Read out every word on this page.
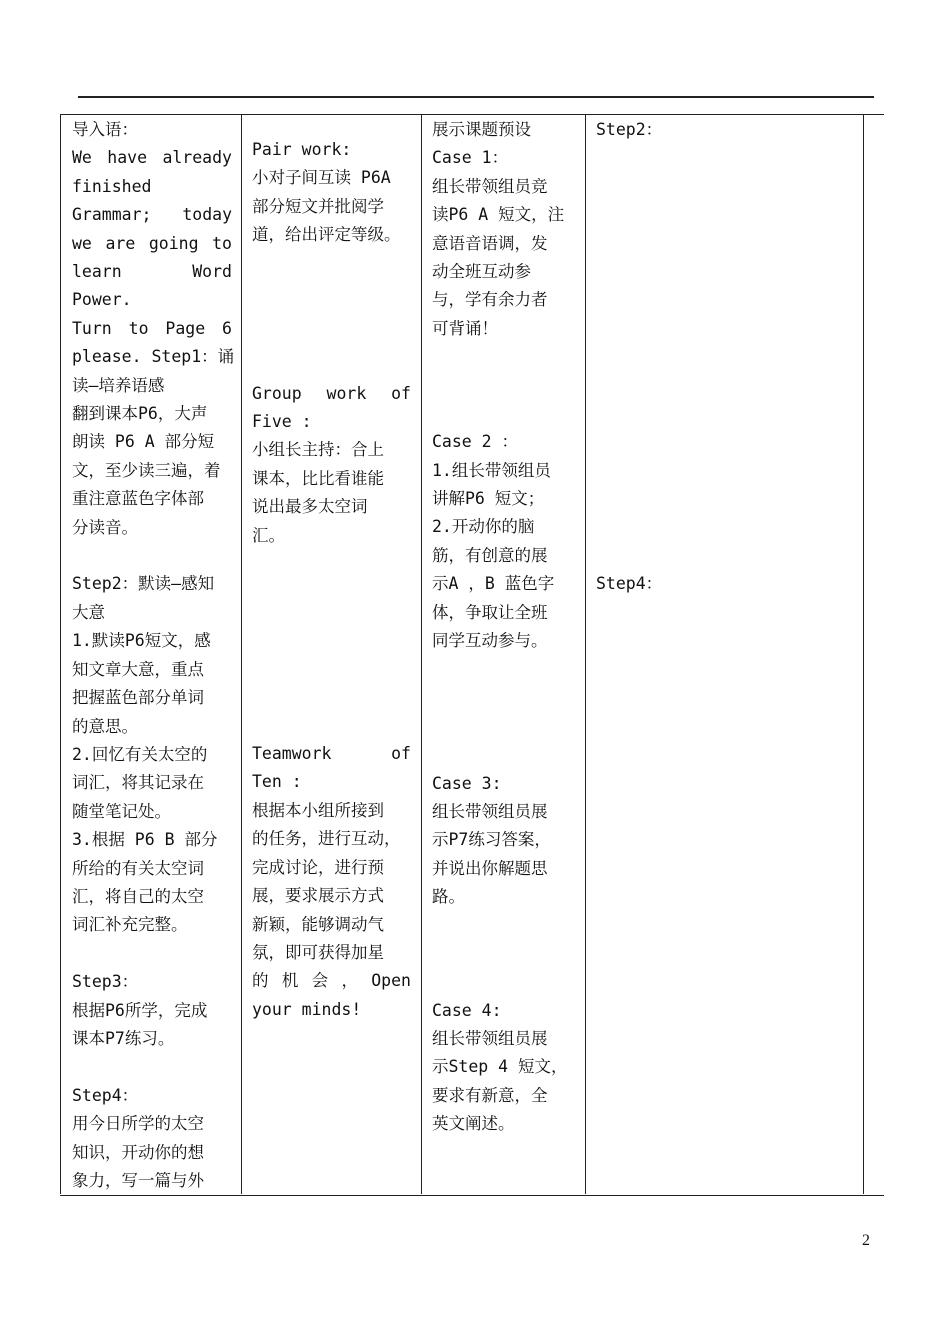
导入语：

We have already

finished

Grammar; today

we are going to

learn	Word

Power.

Turn to Page 6

please. Step1：诵

读—培养语感

翻到课本P6，大声

朗读 P6 A 部分短

文，至少读三遍，着

重注意蓝色字体部

分读音。

Step2：默读—感知

大意

1.默读P6短文，感

知文章大意，重点

把握蓝色部分单词

的意思。

2.回忆有关太空的

词汇，将其记录在

随堂笔记处。

3.根据 P6 B 部分

所给的有关太空词

汇，将自己的太空

词汇补充完整。

Step3：

根据P6所学，完成

课本P7练习。

Step4：

用今日所学的太空

知识，开动你的想

象力，写一篇与外

Pair work:

小对子间互读 P6A

部分短文并批阅学

道，给出评定等级。

Group work of

Five :

小组长主持：合上

课本，比比看谁能

说出最多太空词

汇。

Teamwork	of

Ten :

根据本小组所接到

的任务，进行互动，

完成讨论，进行预

展，要求展示方式

新颖，能够调动气

氛，即可获得加星

的 机 会 ， Open

your minds!

展示课题预设

Case 1：

组长带领组员竞

读P6 A 短文，注

意语音语调，发

动全班互动参

与，学有余力者

可背诵！

Case 2 ：

1.组长带领组员

讲解P6 短文；

2.开动你的脑

筋，有创意的展

示A ，B 蓝色字

体，争取让全班

同学互动参与。

Case 3:

组长带领组员展

示P7练习答案，

并说出你解题思

路。

Case 4:

组长带领组员展

示Step 4 短文，

要求有新意，全

英文阐述。

Step2：

Step4：

2
